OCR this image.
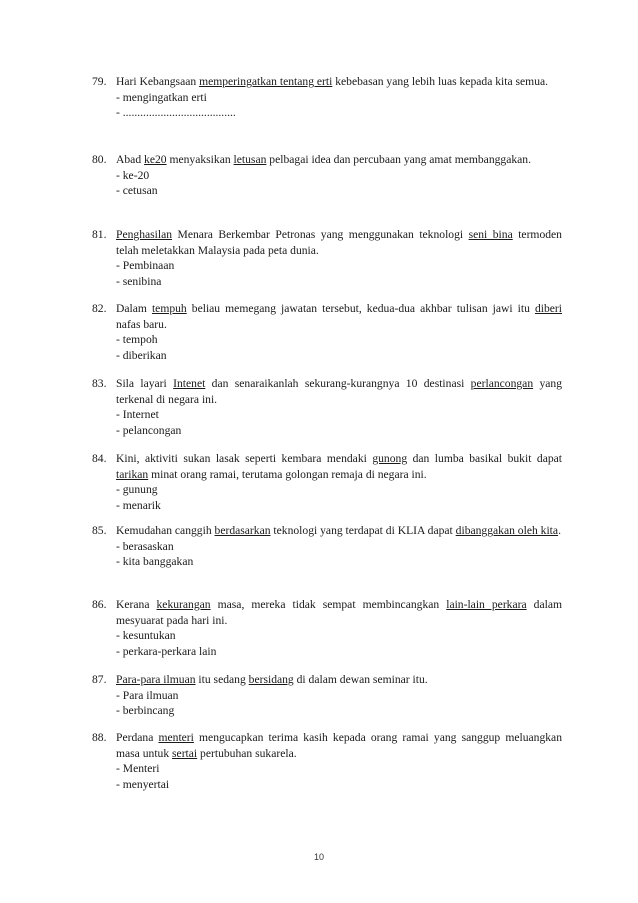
79. Hari Kebangsaan memperingatkan tentang erti kebebasan yang lebih luas kepada kita semua.
- mengingatkan erti
- .......................................
80. Abad ke20 menyaksikan letusan pelbagai idea dan percubaan yang amat membanggakan.
- ke-20
- cetusan
81. Penghasilan Menara Berkembar Petronas yang menggunakan teknologi seni bina termoden telah meletakkan Malaysia pada peta dunia.
- Pembinaan
- senibina
82. Dalam tempuh beliau memegang jawatan tersebut, kedua-dua akhbar tulisan jawi itu diberi nafas baru.
- tempoh
- diberikan
83. Sila layari Intenet dan senaraikanlah sekurang-kurangnya 10 destinasi perlancongan yang terkenal di negara ini.
- Internet
- pelancongan
84. Kini, aktiviti sukan lasak seperti kembara mendaki gunong dan lumba basikal bukit dapat tarikan minat orang ramai, terutama golongan remaja di negara ini.
- gunung
- menarik
85. Kemudahan canggih berdasarkan teknologi yang terdapat di KLIA dapat dibanggakan oleh kita.
- berasaskan
- kita banggakan
86. Kerana kekurangan masa, mereka tidak sempat membincangkan lain-lain perkara dalam mesyuarat pada hari ini.
- kesuntukan
- perkara-perkara lain
87. Para-para ilmuan itu sedang bersidang di dalam dewan seminar itu.
- Para ilmuan
- berbincang
88. Perdana menteri mengucapkan terima kasih kepada orang ramai yang sanggup meluangkan masa untuk sertai pertubuhan sukarela.
- Menteri
- menyertai
10
